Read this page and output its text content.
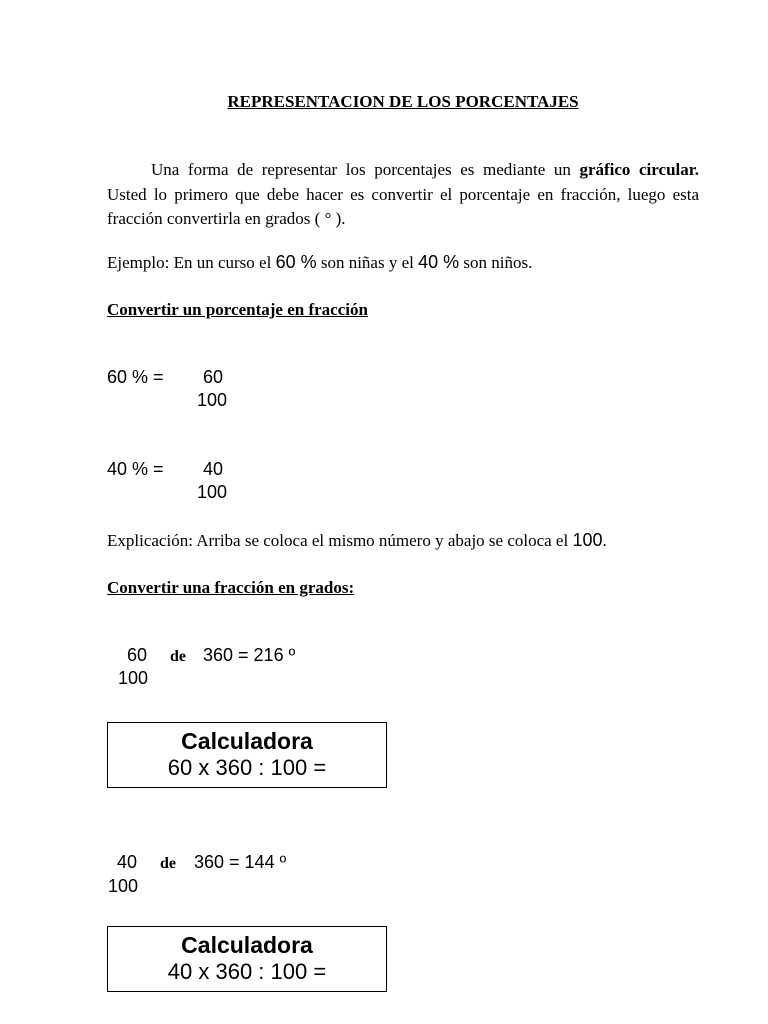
REPRESENTACION DE LOS PORCENTAJES
Una forma de representar los porcentajes es mediante un gráfico circular. Usted lo primero que debe hacer es convertir el porcentaje en fracción, luego esta fracción convertirla en grados ( ° ).
Ejemplo: En un curso el 60 % son niñas y el 40 % son niños.
Convertir un porcentaje en fracción
60 % = 60
100
40 % = 40
100
Explicación: Arriba se coloca el mismo número y abajo se coloca el 100.
Convertir una fracción en grados:
60 de 360 = 216 º
100
Calculadora
60 x 360 : 100 =
40 de 360 = 144 º
100
Calculadora
40 x 360 : 100 =
